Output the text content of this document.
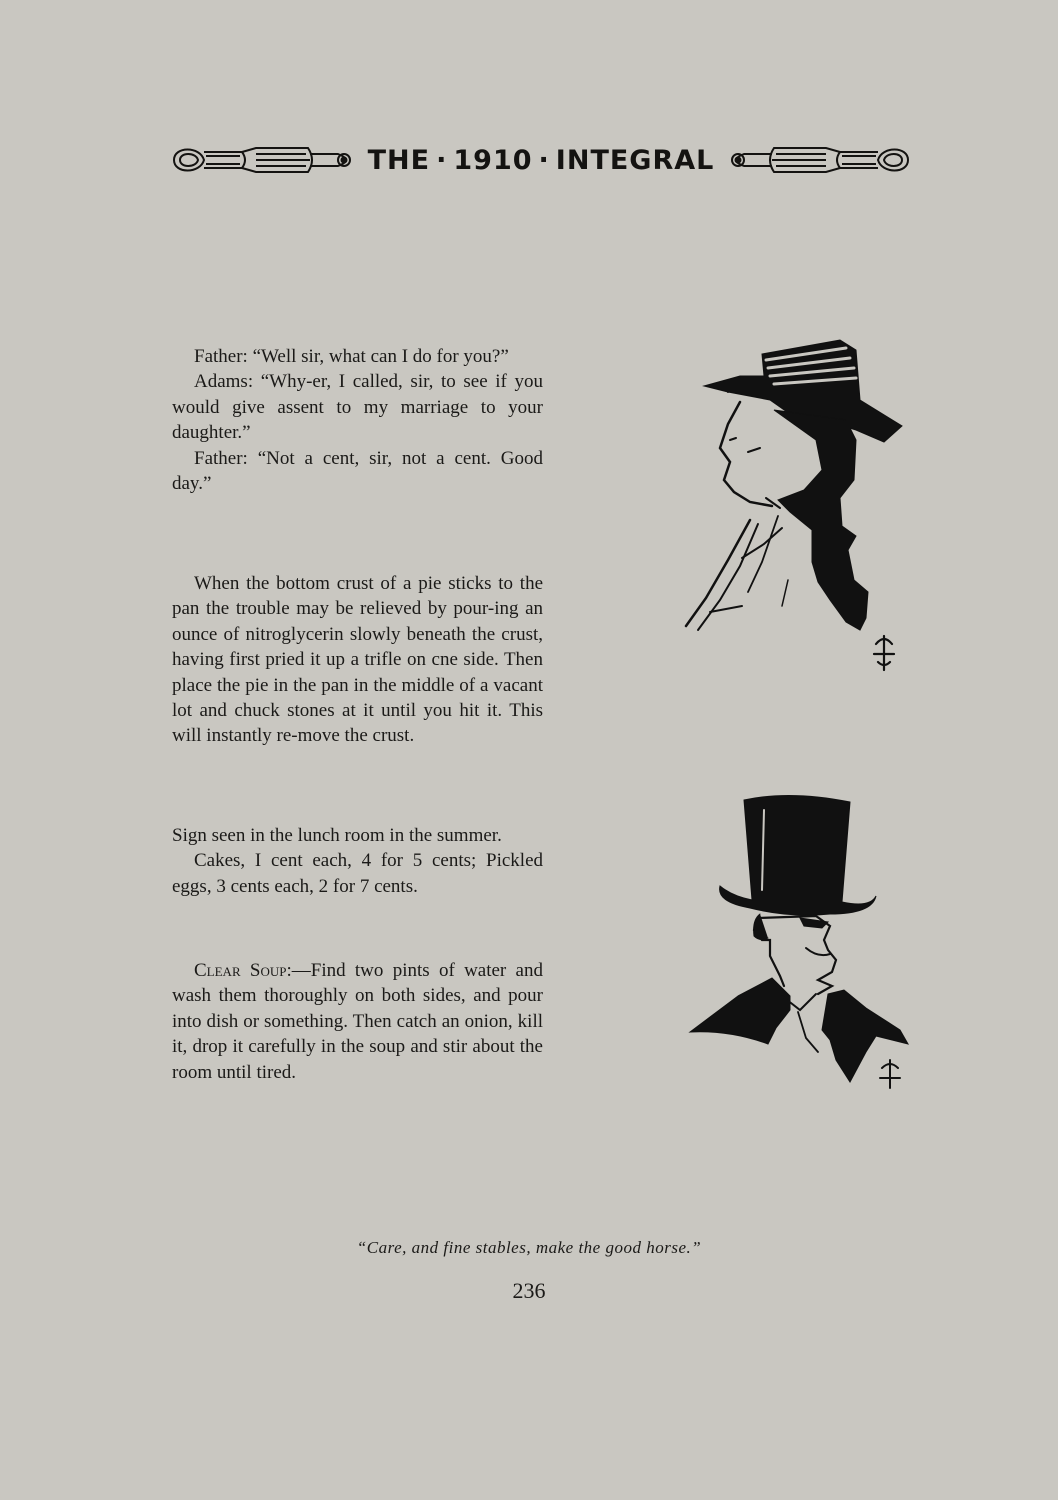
THE · 1910 · INTEGRAL

Father: “Well sir, what can I do for you?”

Adams: “Why-er, I called, sir, to see if you would give assent to my marriage to your daughter.”

Father: “Not a cent, sir, not a cent. Good day.”

When the bottom crust of a pie sticks to the pan the trouble may be relieved by pour-ing an ounce of nitroglycerin slowly beneath the crust, having first pried it up a trifle on cne side. Then place the pie in the pan in the middle of a vacant lot and chuck stones at it until you hit it. This will instantly re-move the crust.

Sign seen in the lunch room in the summer.

Cakes, I cent each, 4 for 5 cents; Pickled eggs, 3 cents each, 2 for 7 cents.

Clear Soup:—Find two pints of water and wash them thoroughly on both sides, and pour into dish or something. Then catch an onion, kill it, drop it carefully in the soup and stir about the room until tired.

“Care, and fine stables, make the good horse.”
236
